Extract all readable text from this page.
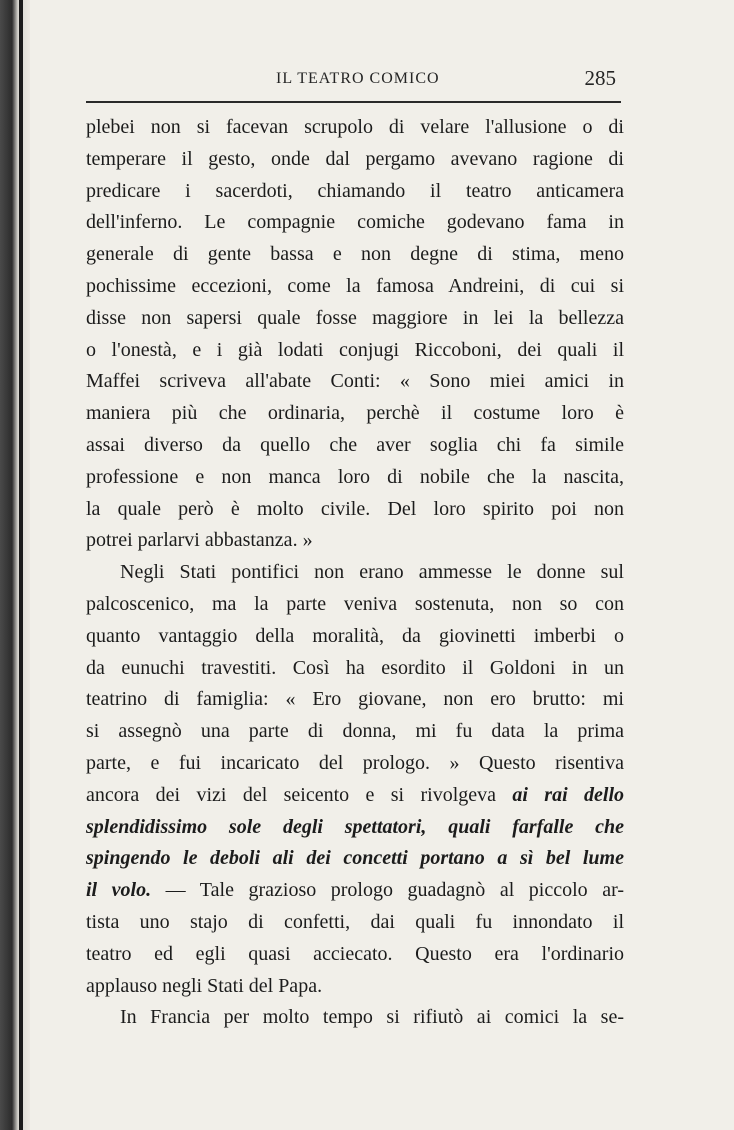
IL TEATRO COMICO	285
plebei non si facevan scrupolo di velare l'allusione o di
temperare il gesto, onde dal pergamo avevano ragione di
predicare i sacerdoti, chiamando il teatro anticamera
dell'inferno. Le compagnie comiche godevano fama in
generale di gente bassa e non degne di stima, meno
pochissime eccezioni, come la famosa Andreini, di cui si
disse non sapersi quale fosse maggiore in lei la bellezza
o l'onestà, e i già lodati conjugi Riccoboni, dei quali il
Maffei scriveva all'abate Conti: « Sono miei amici in
maniera più che ordinaria, perchè il costume loro è
assai diverso da quello che aver soglia chi fa simile
professione e non manca loro di nobile che la nascita,
la quale però è molto civile. Del loro spirito poi non
potrei parlarvi abbastanza. »
Negli Stati pontifici non erano ammesse le donne sul
palcoscenico, ma la parte veniva sostenuta, non so con
quanto vantaggio della moralità, da giovinetti imberbi o
da eunuchi travestiti. Così ha esordito il Goldoni in un
teatrino di famiglia: « Ero giovane, non ero brutto: mi
si assegnò una parte di donna, mi fu data la prima
parte, e fui incaricato del prologo. » Questo risentiva
ancora dei vizi del seicento e si rivolgeva ai rai dello
splendidissimo sole degli spettatori, quali farfalle che
spingendo le deboli ali dei concetti portano a sì bel lume
il volo. — Tale grazioso prologo guadagnò al piccolo ar-
tista uno stajo di confetti, dai quali fu innondato il
teatro ed egli quasi acciecato. Questo era l'ordinario
applauso negli Stati del Papa.
In Francia per molto tempo si rifiutò ai comici la se-
